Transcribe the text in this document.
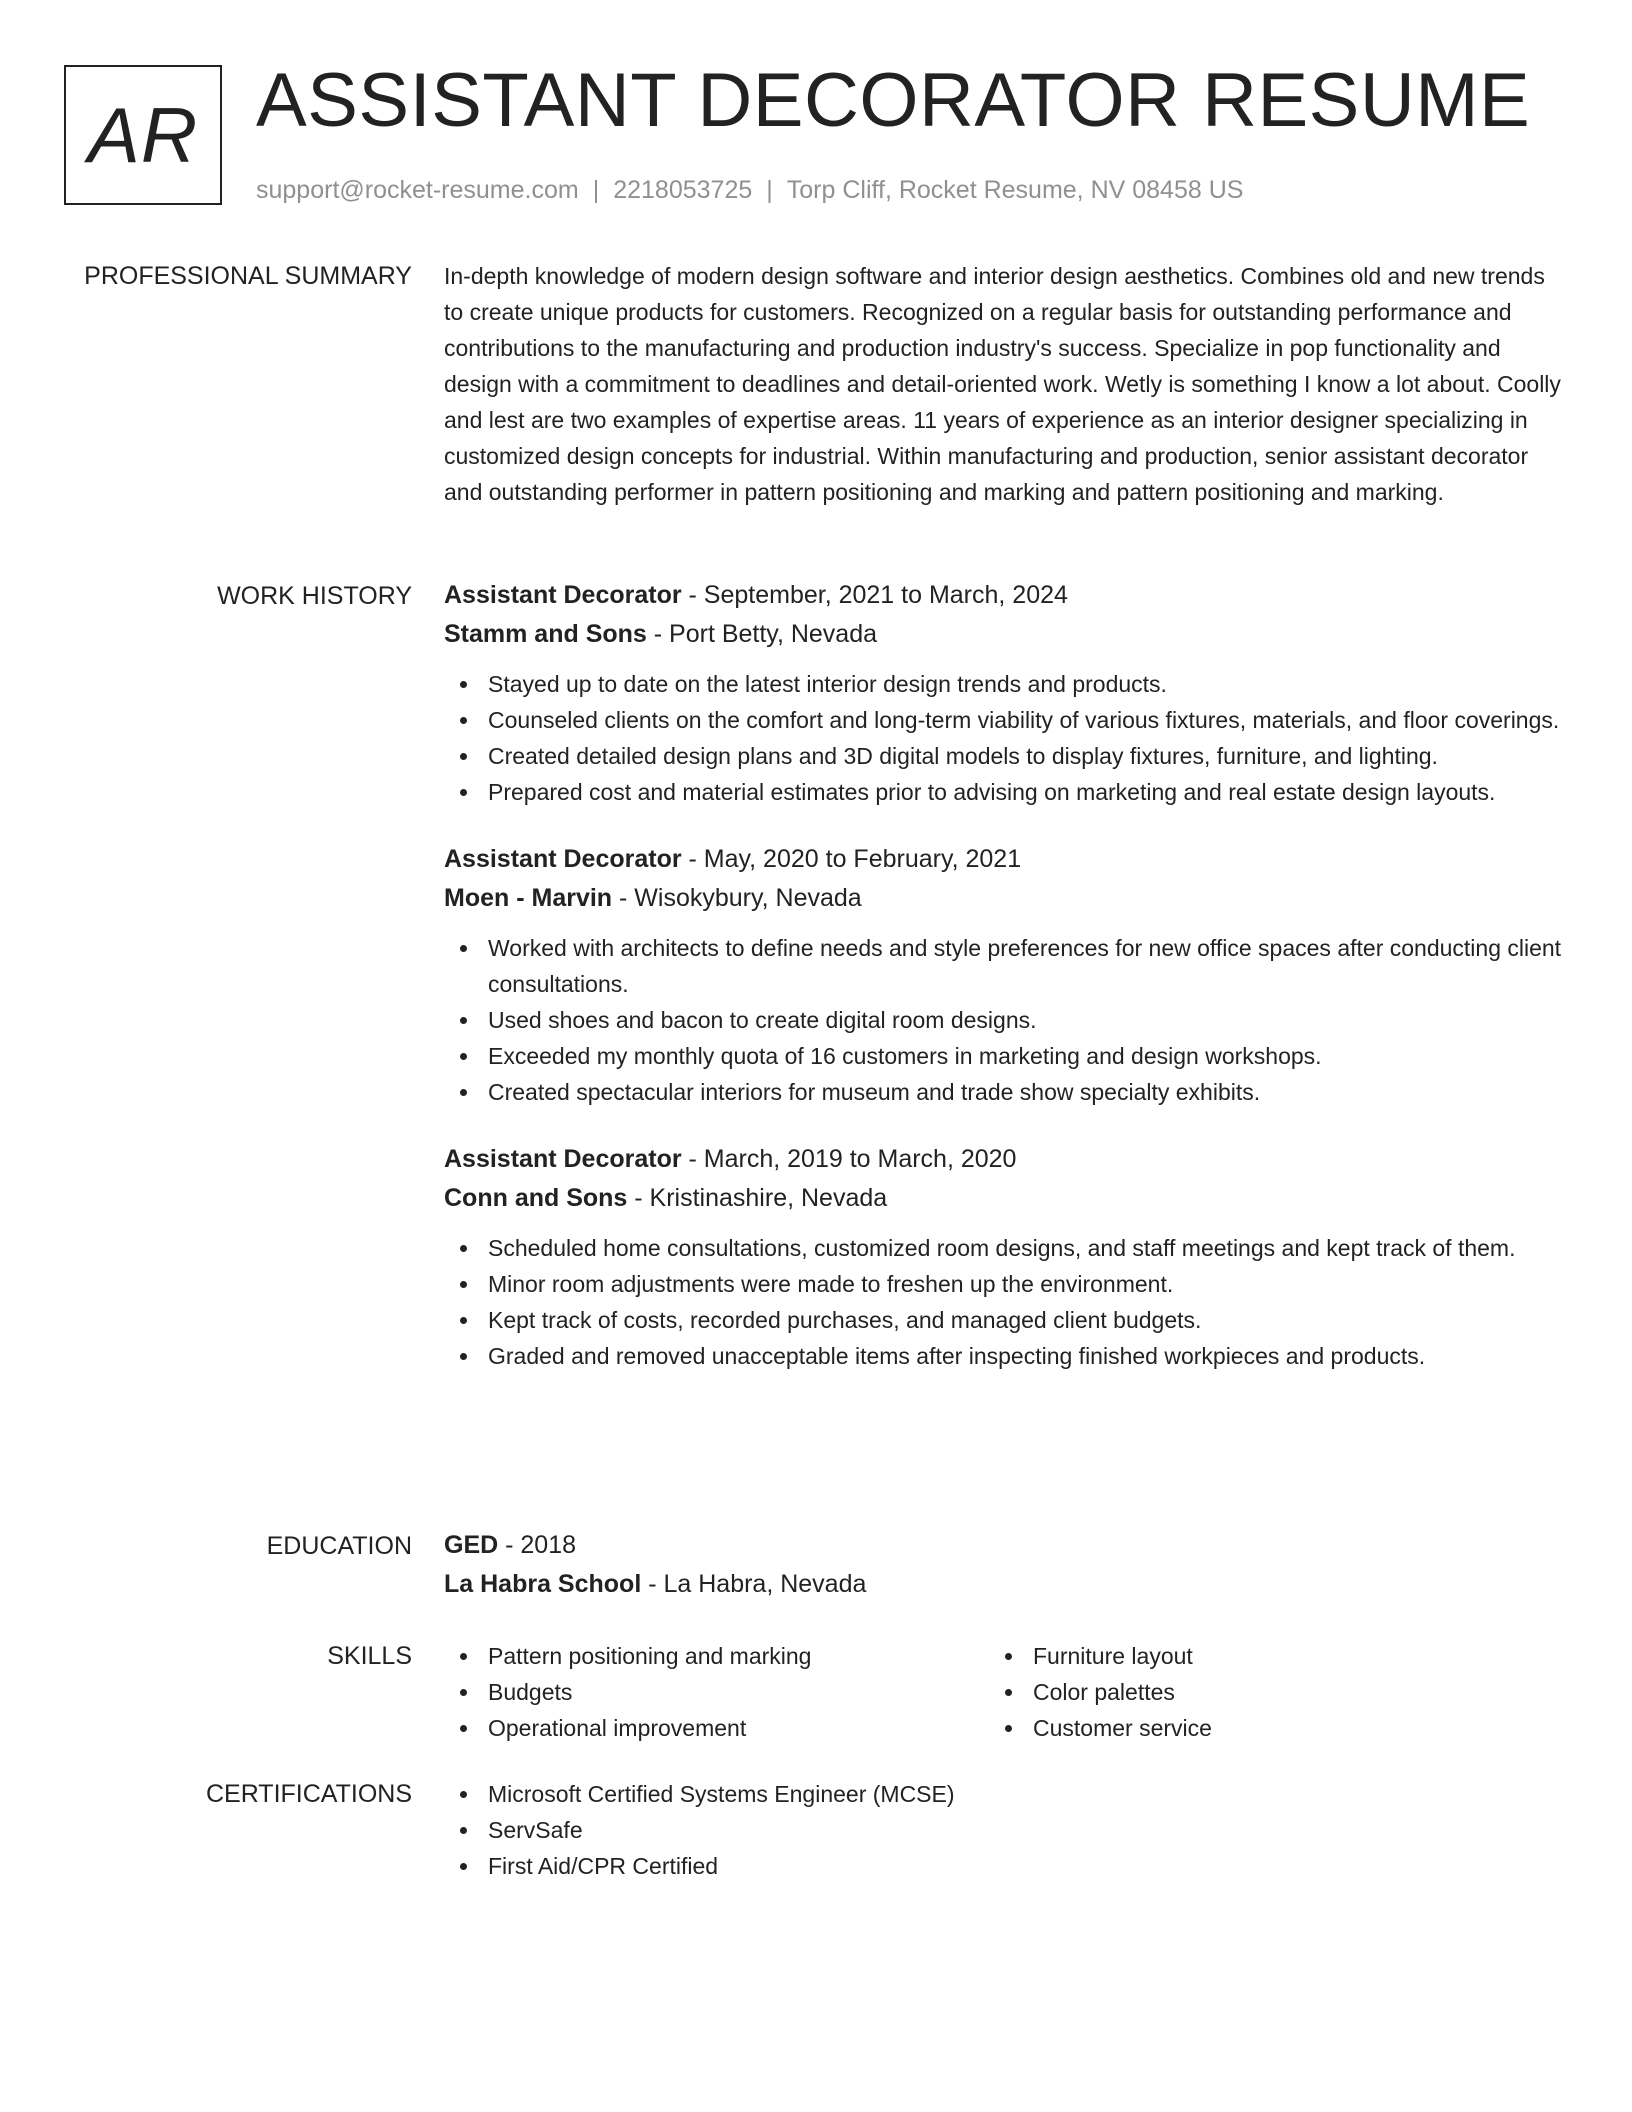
AR ASSISTANT DECORATOR RESUME
support@rocket-resume.com | 2218053725 | Torp Cliff, Rocket Resume, NV 08458 US
PROFESSIONAL SUMMARY In-depth knowledge of modern design software and interior design aesthetics. Combines old and new trends to create unique products for customers. Recognized on a regular basis for outstanding performance and contributions to the manufacturing and production industry's success. Specialize in pop functionality and design with a commitment to deadlines and detail-oriented work. Wetly is something I know a lot about. Coolly and lest are two examples of expertise areas. 11 years of experience as an interior designer specializing in customized design concepts for industrial. Within manufacturing and production, senior assistant decorator and outstanding performer in pattern positioning and marking and pattern positioning and marking.

WORK HISTORY Assistant Decorator - September, 2021 to March, 2024

Stamm and Sons - Port Betty, Nevada

Stayed up to date on the latest interior design trends and products.
Counseled clients on the comfort and long-term viability of various fixtures, materials, and floor coverings.
Created detailed design plans and 3D digital models to display fixtures, furniture, and lighting.
Prepared cost and material estimates prior to advising on marketing and real estate design layouts.

Assistant Decorator - May, 2020 to February, 2021

Moen - Marvin - Wisokybury, Nevada

Worked with architects to define needs and style preferences for new office spaces after conducting client consultations.
Used shoes and bacon to create digital room designs.
Exceeded my monthly quota of 16 customers in marketing and design workshops.
Created spectacular interiors for museum and trade show specialty exhibits.

Assistant Decorator - March, 2019 to March, 2020

Conn and Sons - Kristinashire, Nevada

Scheduled home consultations, customized room designs, and staff meetings and kept track of them.
Minor room adjustments were made to freshen up the environment.
Kept track of costs, recorded purchases, and managed client budgets.
Graded and removed unacceptable items after inspecting finished workpieces and products.
EDUCATION GED - 2018

La Habra School - La Habra, Nevada

SKILLS	Pattern positioning and marking
Budgets
Operational improvement
Furniture layout
Color palettes
Customer service
CERTIFICATIONS	Microsoft Certified Systems Engineer (MCSE)
ServSafe
First Aid/CPR Certified
